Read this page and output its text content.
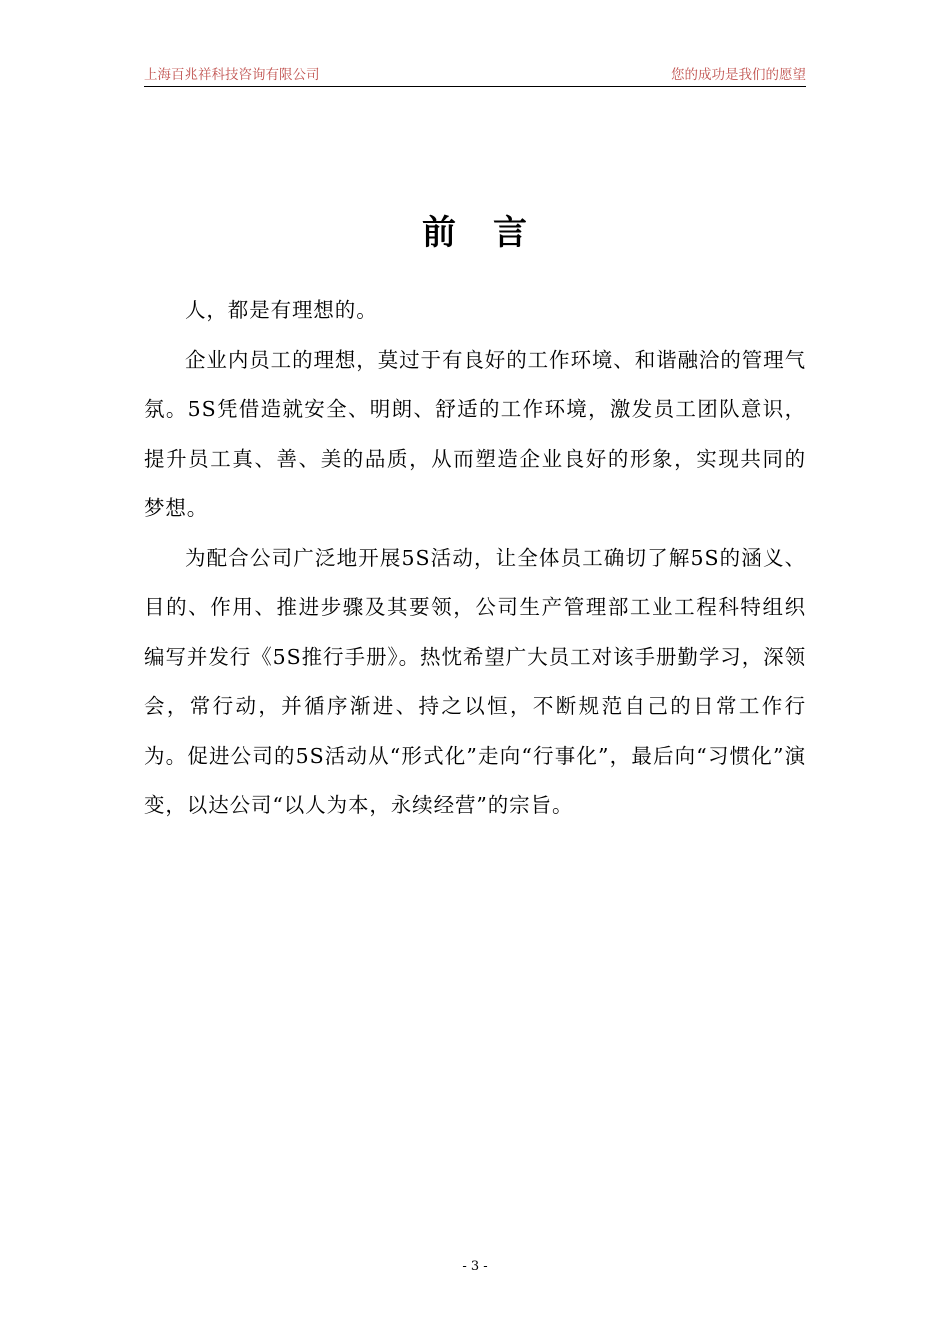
上海百兆祥科技咨询有限公司	您的成功是我们的愿望
前 言

人，都是有理想的。

企业内员工的理想，莫过于有良好的工作环境、和谐融洽的管理气氛。5S凭借造就安全、明朗、舒适的工作环境，激发员工团队意识，提升员工真、善、美的品质，从而塑造企业良好的形象，实现共同的梦想。

为配合公司广泛地开展5S活动，让全体员工确切了解5S的涵义、目的、作用、推进步骤及其要领，公司生产管理部工业工程科特组织编写并发行《5S推行手册》。热忱希望广大员工对该手册勤学习，深领会，常行动，并循序渐进、持之以恒，不断规范自己的日常工作行为。促进公司的5S活动从“形式化”走向“行事化”，最后向“习惯化”演变，以达公司“以人为本，永续经营”的宗旨。

- 3 -
